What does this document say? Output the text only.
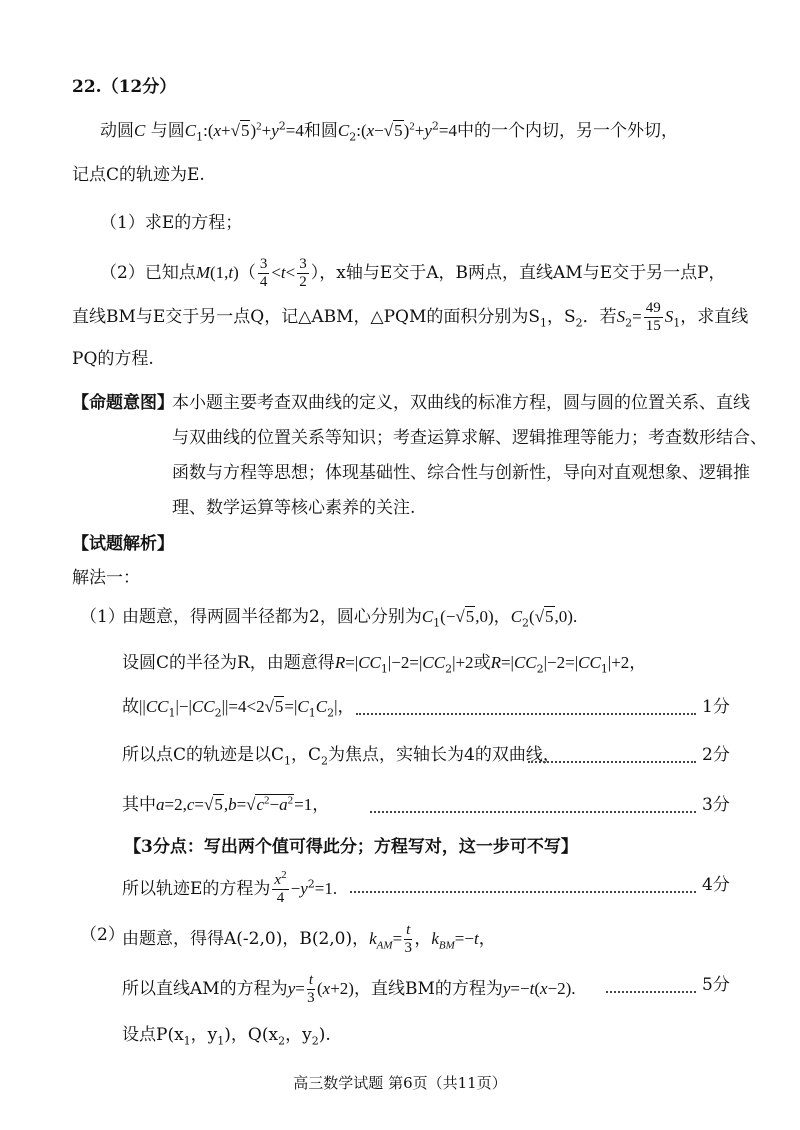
22.（12分）
动圆C 与圆$C_1:(x+√5)^2+y^2=4$和圆$C_2:(x-√5)^2+y^2=4$中的一个内切，另一个外切，
记点C的轨迹为E.
（1）求E的方程；
（2）已知点$M(1,t)( \frac{3}{4} <t< \frac{3}{2}$ ），x轴与E交于A，B两点，直线AM与E交于另一点P，
直线BM与E交于另一点Q，记△ABM，△PQM的面积分别为$S_1$，$S_2$．若$S_2= \frac{49}{15} S_1$，求直线
PQ的方程.
【命题意图】
本小题主要考查双曲线的定义，双曲线的标准方程，圆与圆的位置关系、直线
与双曲线的位置关系等知识；考查运算求解、逻辑推理等能力；考查数形结合、
函数与方程等思想；体现基础性、综合性与创新性，导向对直观想象、逻辑推
理、数学运算等核心素养的关注.
【试题解析】
解法一：
（1）
由题意，得两圆半径都为2，圆心分别为$C_1(-√5,0)$，$C_2(√5,0)$.
设圆C的半径为R，由题意得$R=|CC_1|-2=|CC_2|+2$或$R=|CC_2|-2=|CC_1|+2$，
故$||CC_1|-|CC_2||=4<2√5=|C_1C_2|$，	1分
所以点C的轨迹是以$C_1$，$C_2$为焦点，实轴长为4的双曲线，	2分
其中$a=2,c=√5,b=√c^2-a^2=1$，	3分
【3分点：写出两个值可得此分；方程写对，这一步可不写】
所以轨迹E的方程为 $\frac{x^2}{4} -y^2=1$.	4分
（2）
由题意，得得A(-2,0)，B(2,0)，$k_{AM}= \frac{t}{3}$ ，$k_{BM}=-t$，
所以直线AM的方程为$y= \frac{t}{3} (x+2)$，直线BM的方程为y=−t(x−2).	5分
设点$P(x_1$，$y_1$)，$Q(x_2$，$y_2$).
高三数学试题 第6页（共11页）
